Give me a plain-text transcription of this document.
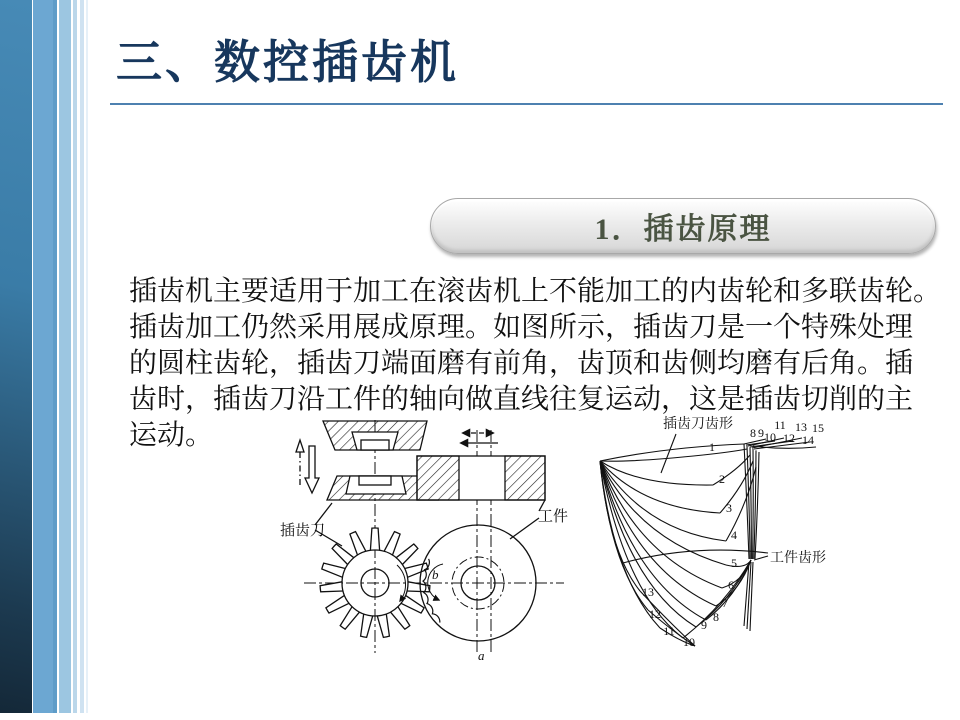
三、数控插齿机
1．插齿原理
插齿机主要适用于加工在滚齿机上不能加工的内齿轮和多联齿轮。
插齿加工仍然采用展成原理。如图所示，插齿刀是一个特殊处理
的圆柱齿轮，插齿刀端面磨有前角，齿顶和齿侧均磨有后角。插
齿时，插齿刀沿工件的轴向做直线往复运动，这是插齿切削的主
运动。
插齿刀
工件
b
a
1
2
3
4
5
6
7
8
9
10
11
12
13
8 9 10
11
12
13
14
15
插齿刀齿形
工件齿形
